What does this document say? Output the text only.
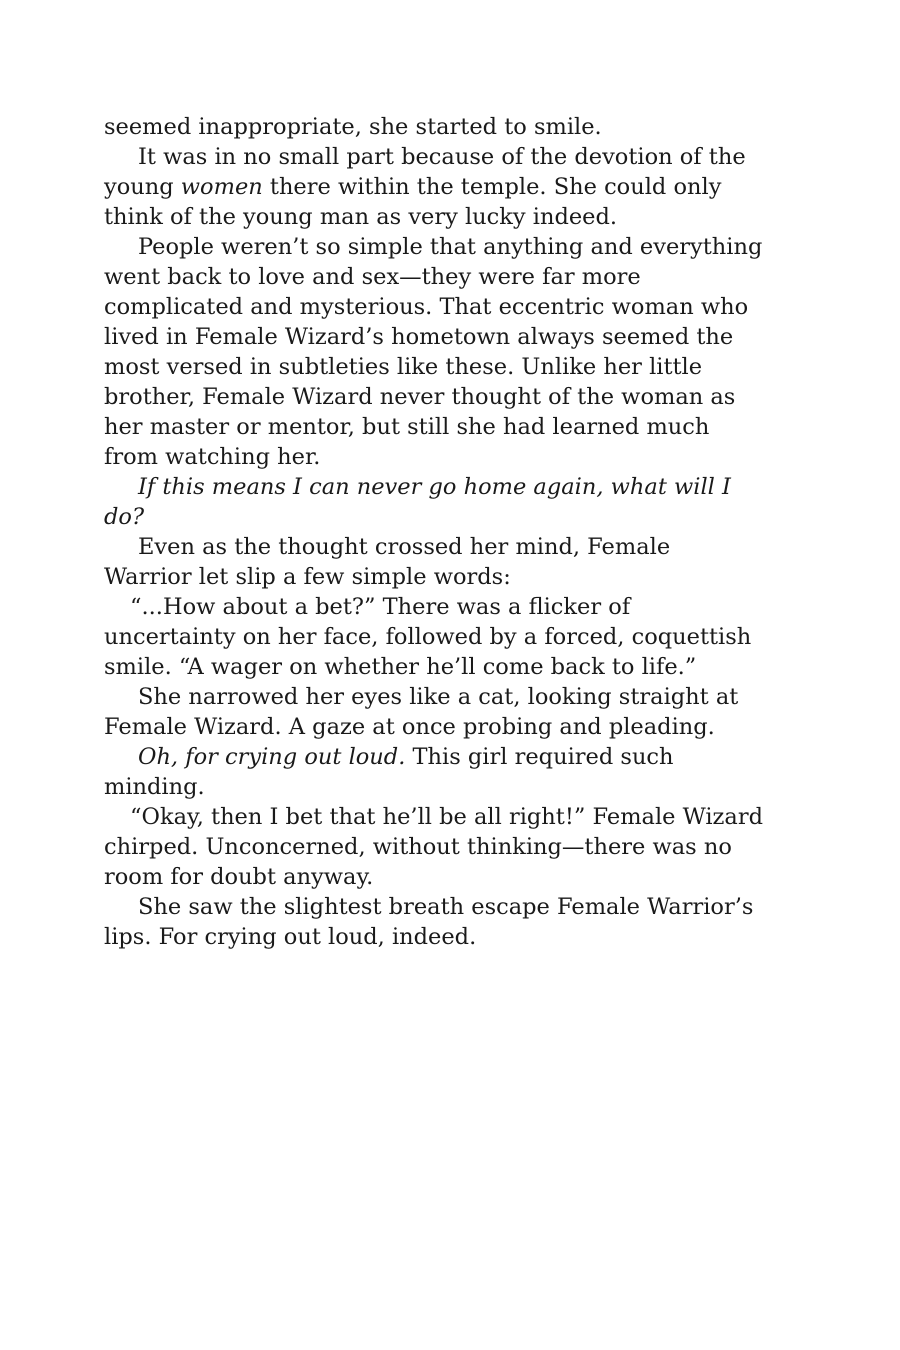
seemed inappropriate, she started to smile.

It was in no small part because of the devotion of the young women there within the temple. She could only think of the young man as very lucky indeed.

People weren’t so simple that anything and everything went back to love and sex—they were far more complicated and mysterious. That eccentric woman who lived in Female Wizard’s hometown always seemed the most versed in subtleties like these. Unlike her little brother, Female Wizard never thought of the woman as her master or mentor, but still she had learned much from watching her.

If this means I can never go home again, what will I do?

Even as the thought crossed her mind, Female Warrior let slip a few simple words:

“...How about a bet?” There was a flicker of uncertainty on her face, followed by a forced, coquettish smile. “A wager on whether he’ll come back to life.”

She narrowed her eyes like a cat, looking straight at Female Wizard. A gaze at once probing and pleading.

Oh, for crying out loud. This girl required such minding.

“Okay, then I bet that he’ll be all right!” Female Wizard chirped. Unconcerned, without thinking—there was no room for doubt anyway.

She saw the slightest breath escape Female Warrior’s lips. For crying out loud, indeed.
